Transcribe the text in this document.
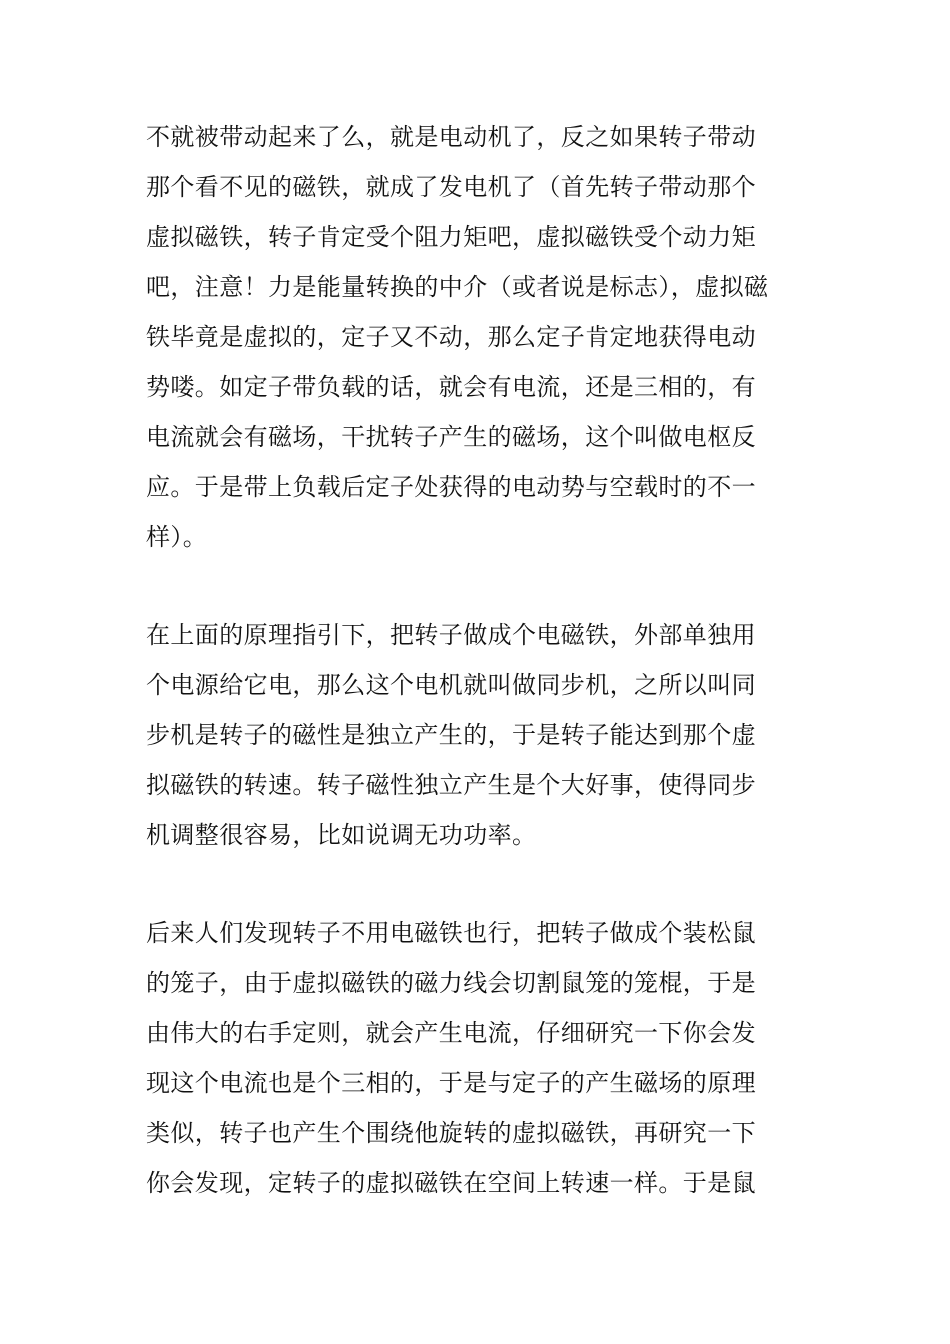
不就被带动起来了么，就是电动机了，反之如果转子带动
那个看不见的磁铁，就成了发电机了（首先转子带动那个
虚拟磁铁，转子肯定受个阻力矩吧，虚拟磁铁受个动力矩
吧，注意！力是能量转换的中介（或者说是标志），虚拟磁
铁毕竟是虚拟的，定子又不动，那么定子肯定地获得电动
势喽。如定子带负载的话，就会有电流，还是三相的，有
电流就会有磁场，干扰转子产生的磁场，这个叫做电枢反
应。于是带上负载后定子处获得的电动势与空载时的不一
样）。
在上面的原理指引下，把转子做成个电磁铁，外部单独用
个电源给它电，那么这个电机就叫做同步机，之所以叫同
步机是转子的磁性是独立产生的，于是转子能达到那个虚
拟磁铁的转速。转子磁性独立产生是个大好事，使得同步
机调整很容易，比如说调无功功率。
后来人们发现转子不用电磁铁也行，把转子做成个装松鼠
的笼子，由于虚拟磁铁的磁力线会切割鼠笼的笼棍，于是
由伟大的右手定则，就会产生电流，仔细研究一下你会发
现这个电流也是个三相的，于是与定子的产生磁场的原理
类似，转子也产生个围绕他旋转的虚拟磁铁，再研究一下
你会发现，定转子的虚拟磁铁在空间上转速一样。于是鼠
